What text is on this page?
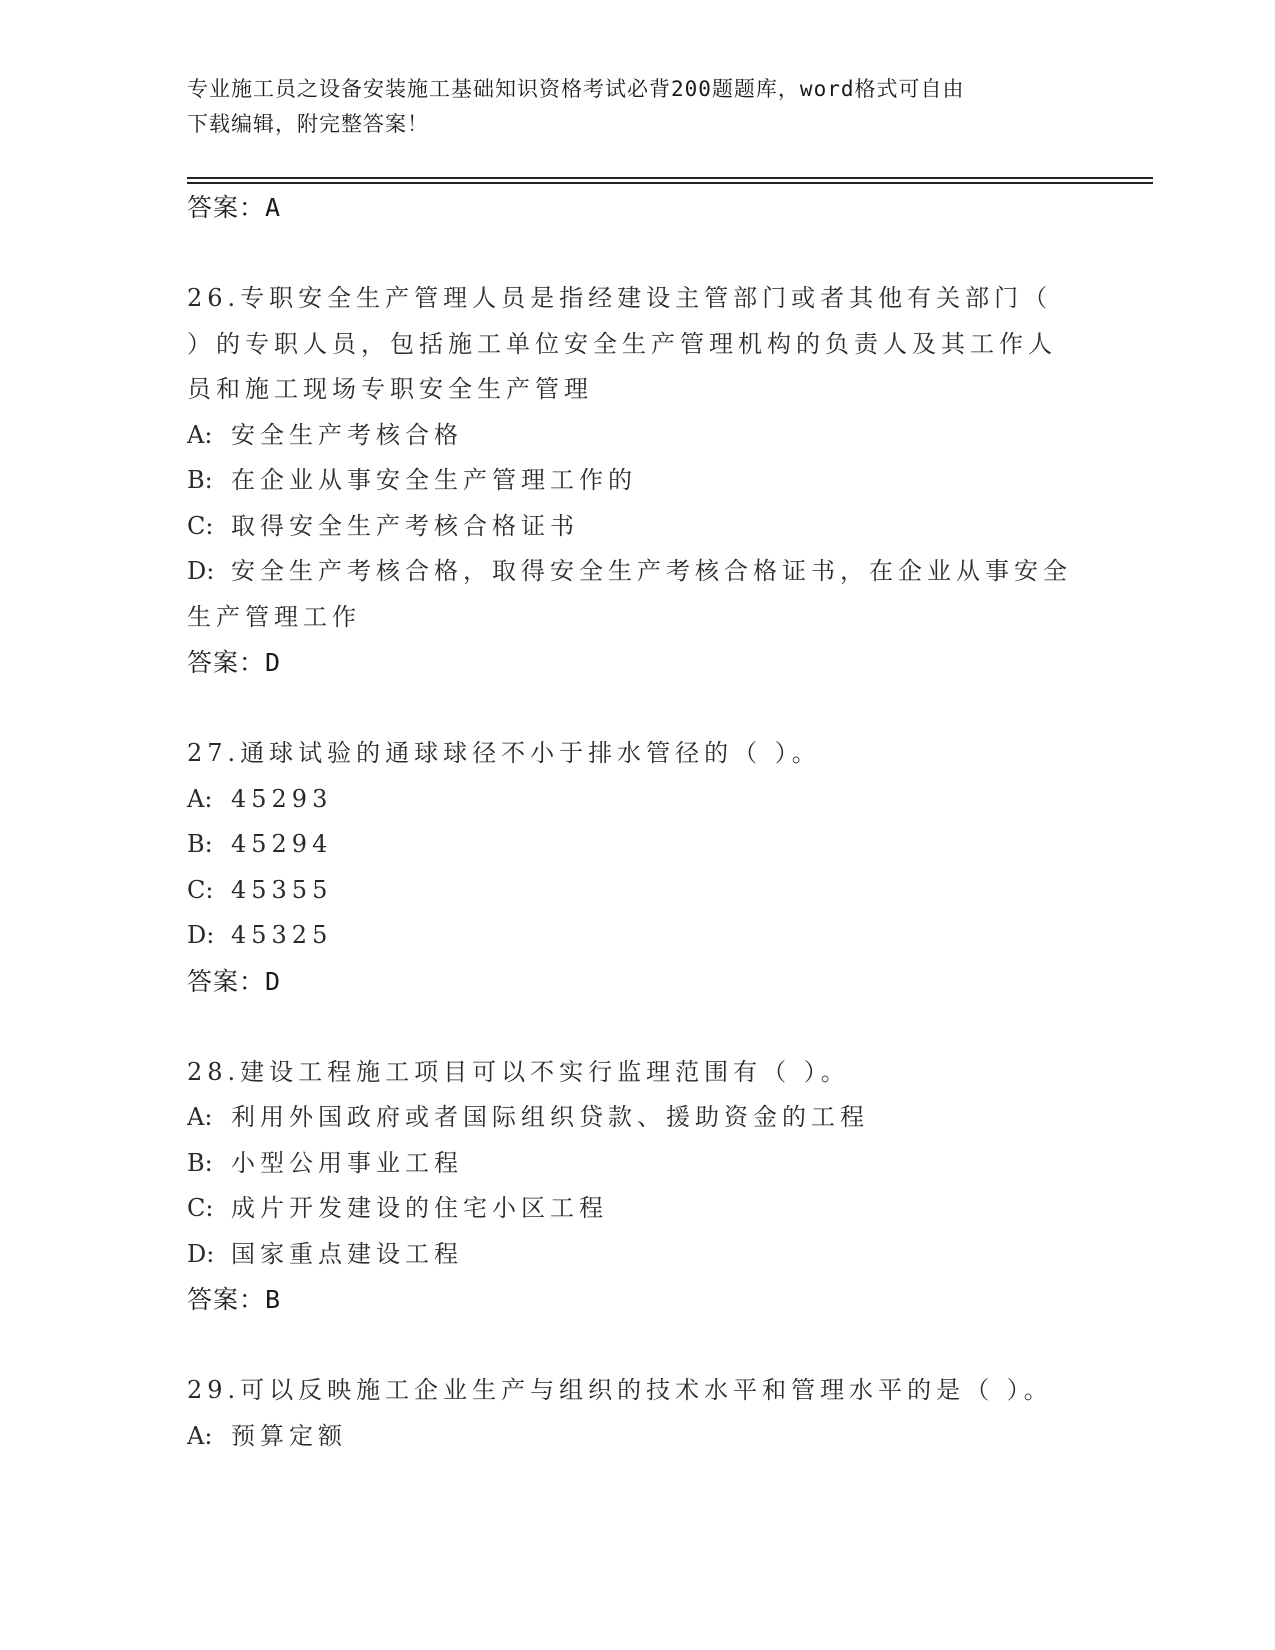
专业施工员之设备安装施工基础知识资格考试必背200题题库，word格式可自由
下载编辑，附完整答案！
答案：A

26.专职安全生产管理人员是指经建设主管部门或者其他有关部门（

）的专职人员，包括施工单位安全生产管理机构的负责人及其工作人

员和施工现场专职安全生产管理

A: 安全生产考核合格

B: 在企业从事安全生产管理工作的

C: 取得安全生产考核合格证书

D: 安全生产考核合格，取得安全生产考核合格证书，在企业从事安全

生产管理工作

答案：D

27.通球试验的通球球径不小于排水管径的（ ）。

A: 45293

B: 45294

C: 45355

D: 45325

答案：D

28.建设工程施工项目可以不实行监理范围有（ ）。

A: 利用外国政府或者国际组织贷款、援助资金的工程

B: 小型公用事业工程

C: 成片开发建设的住宅小区工程

D: 国家重点建设工程

答案：B

29.可以反映施工企业生产与组织的技术水平和管理水平的是（ ）。

A: 预算定额
